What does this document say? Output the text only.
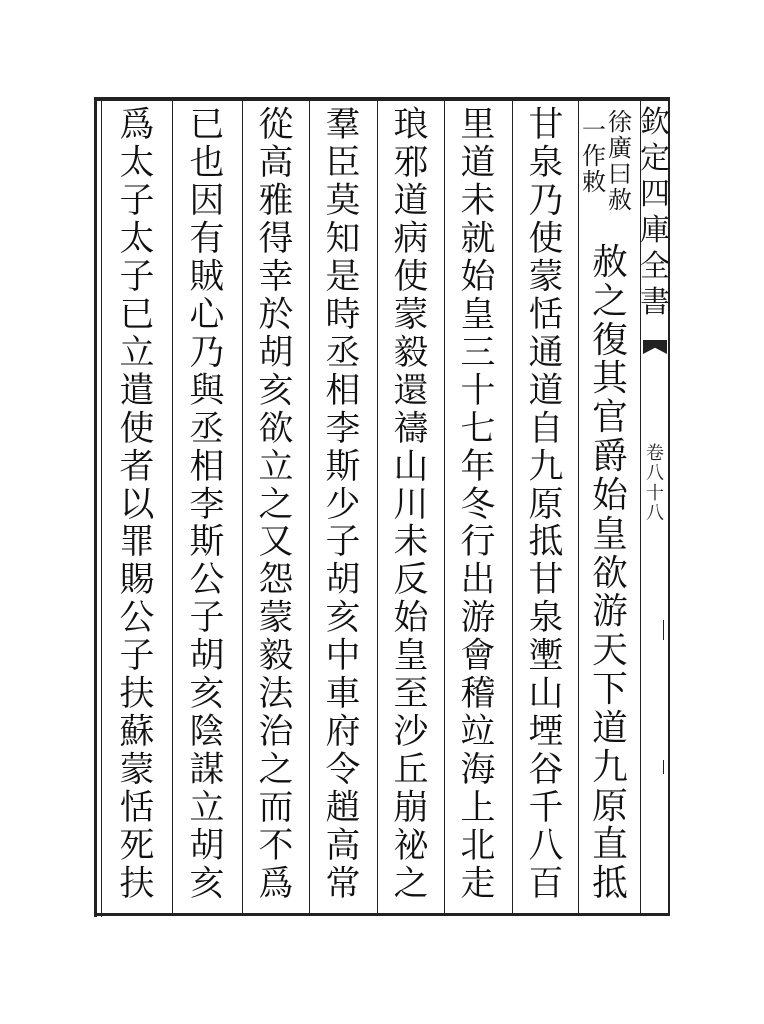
欽
定
四
庫
全
書
卷
八
十
八
赦
之
復
其
官
爵
始
皇
欲
游
天
下
道
九
原
直
抵
徐
廣
曰
赦
一
作
敕
甘
泉
乃
使
蒙
恬
通
道
自
九
原
抵
甘
泉
壍
山
堙
谷
千
八
百
里
道
未
就
始
皇
三
十
七
年
冬
行
出
游
會
稽
竝
海
上
北
走
琅
邪
道
病
使
蒙
毅
還
禱
山
川
未
反
始
皇
至
沙
丘
崩
祕
之
羣
臣
莫
知
是
時
丞
相
李
斯
少
子
胡
亥
中
車
府
令
趙
高
常
從
高
雅
得
幸
於
胡
亥
欲
立
之
又
怨
蒙
毅
法
治
之
而
不
爲
已
也
因
有
賊
心
乃
與
丞
相
李
斯
公
子
胡
亥
陰
謀
立
胡
亥
爲
太
子
太
子
已
立
遣
使
者
以
罪
賜
公
子
扶
蘇
蒙
恬
死
扶
